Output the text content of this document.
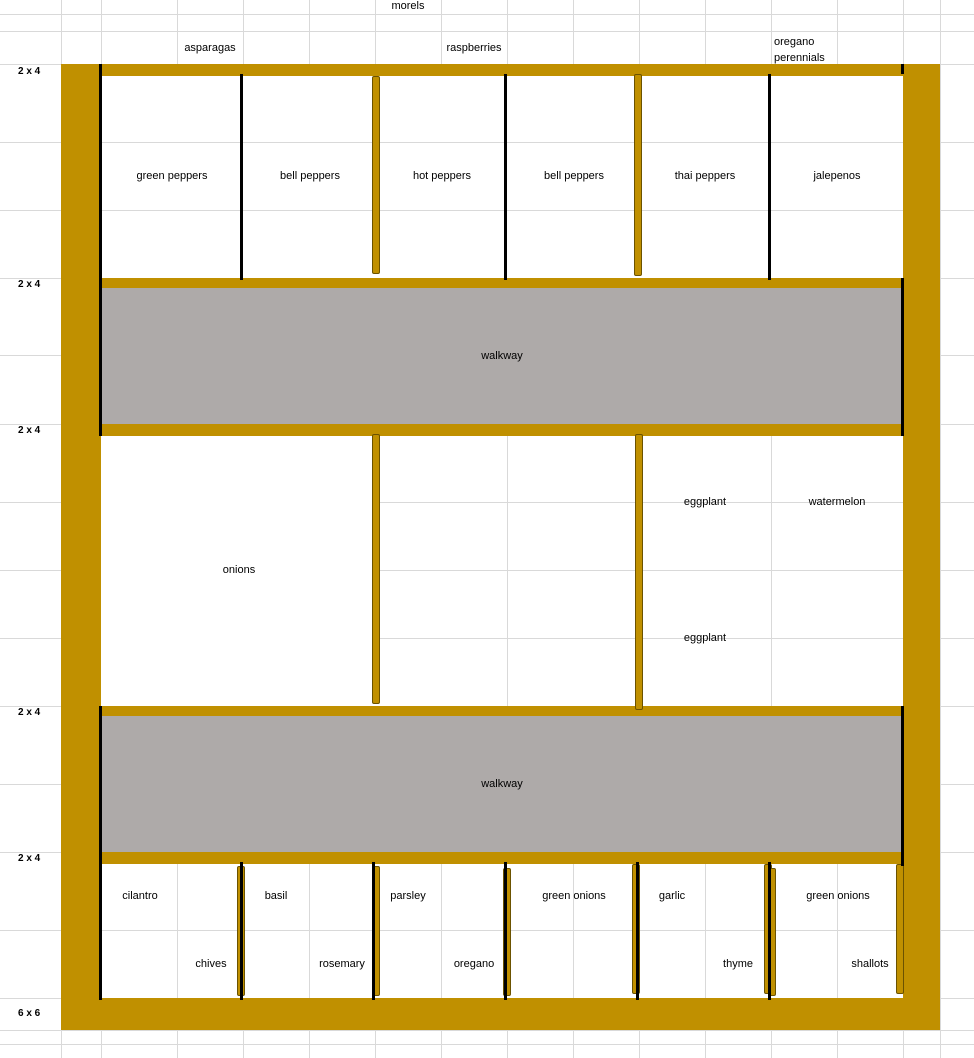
morels
asparagas	raspberries	oregano
perennials
2 x 4
2 x 4
2 x 4
2 x 4
2 x 4
6 x 6
green peppers	bell peppers	hot peppers	bell peppers	thai peppers	jalepenos
walkway
onions
eggplant
eggplant
watermelon
walkway
cilantro	basil	parsley	green onions	garlic	green onions
chives	rosemary	oregano	thyme	shallots
